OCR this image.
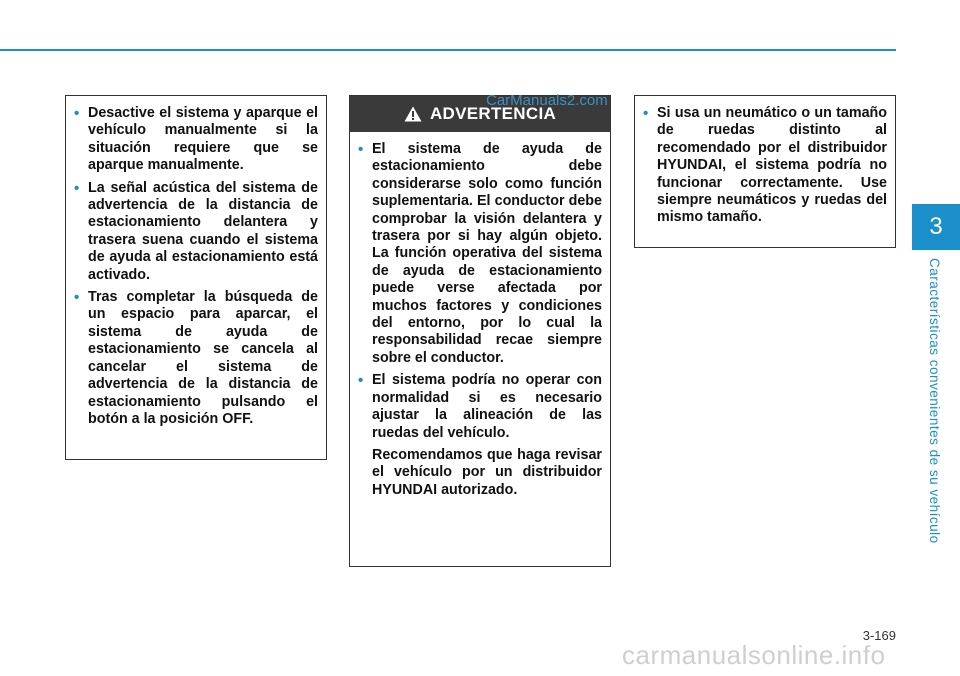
3
Características convenientes de su vehículo
• Desactive el sistema y aparque el vehículo manualmente si la situación requiere que se aparque manualmente.
• La señal acústica del sistema de advertencia de la distancia de estacionamiento delantera y trasera suena cuando el sistema de ayuda al estacionamiento está activado.
• Tras completar la búsqueda de un espacio para aparcar, el sistema de ayuda de estacionamiento se cancela al cancelar el sistema de advertencia de la distancia de estacionamiento pulsando el botón a la posición OFF.
ADVERTENCIA
• El sistema de ayuda de estacionamiento debe considerarse solo como función suplementaria. El conductor debe comprobar la visión delantera y trasera por si hay algún objeto. La función operativa del sistema de ayuda de estacionamiento puede verse afectada por muchos factores y condiciones del entorno, por lo cual la responsabilidad recae siempre sobre el conductor.
• El sistema podría no operar con normalidad si es necesario ajustar la alineación de las ruedas del vehículo.

Recomendamos que haga revisar el vehículo por un distribuidor HYUNDAI autorizado.

• Si usa un neumático o un tamaño de ruedas distinto al recomendado por el distribuidor HYUNDAI, el sistema podría no funcionar correctamente. Use siempre neumáticos y ruedas del mismo tamaño.
3-169
CarManuals2.com
carmanualsonline.info
